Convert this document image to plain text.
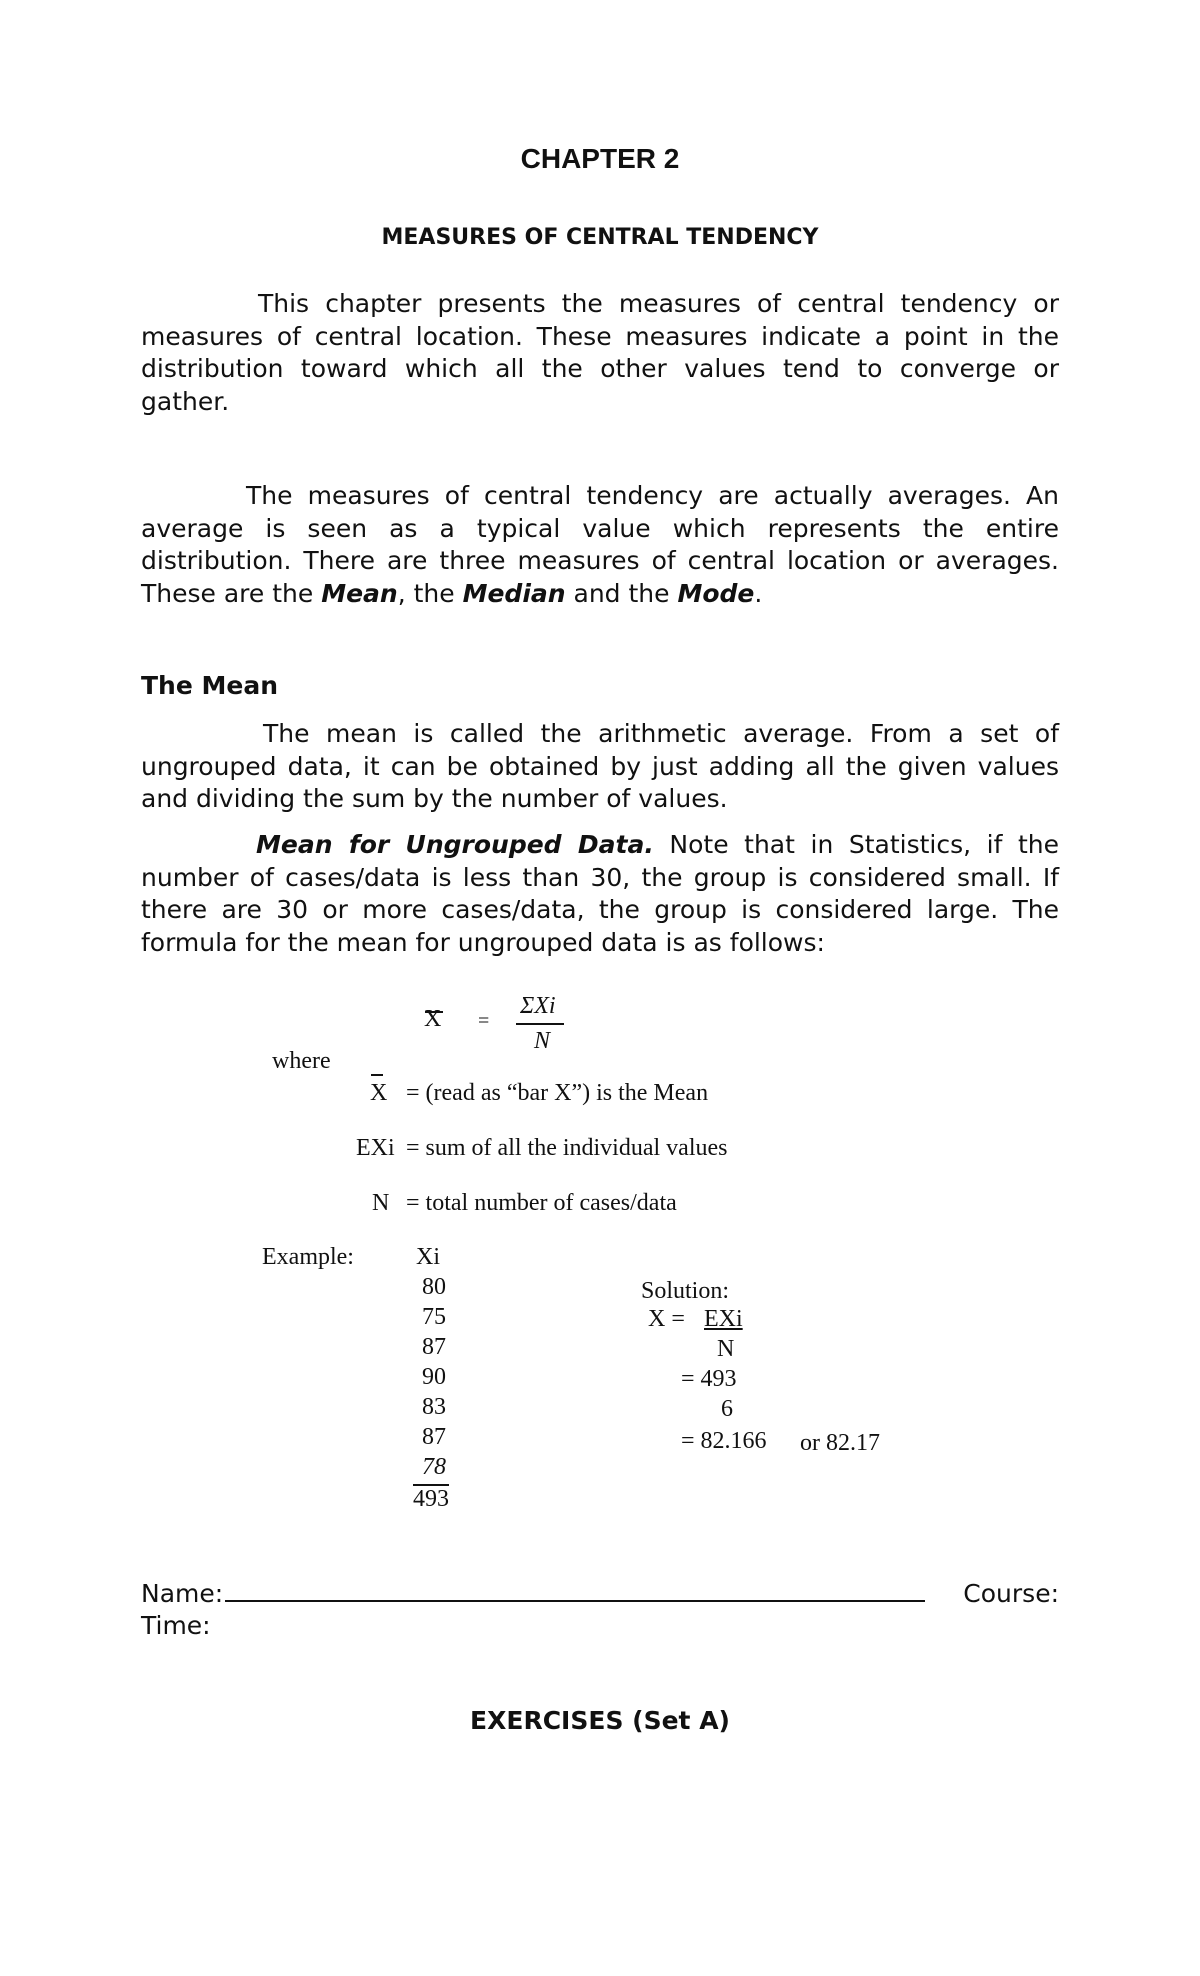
CHAPTER 2
MEASURES OF CENTRAL TENDENCY
This chapter presents the measures of central tendency or measures of central location. These measures indicate a point in the distribution toward which all the other values tend to converge or gather.
The measures of central tendency are actually averages. An average is seen as a typical value which represents the entire distribution. There are three measures of central location or averages. These are the Mean, the Median and the Mode.
The Mean
The mean is called the arithmetic average. From a set of ungrouped data, it can be obtained by just adding all the given values and dividing the sum by the number of values.
Mean for Ungrouped Data. Note that in Statistics, if the number of cases/data is less than 30, the group is considered small. If there are 30 or more cases/data, the group is considered large. The formula for the mean for ungrouped data is as follows:
X =
ΣXi
N
where
X = (read as “bar X”) is the Mean
EXi = sum of all the individual values
N = total number of cases/data
Example:	Xi
80
75
87
90
83
87
78
493
Solution:
X = EXi
N
= 493
6
= 82.166 or 82.17
Name:	Course:
Time:
EXERCISES (Set A)
